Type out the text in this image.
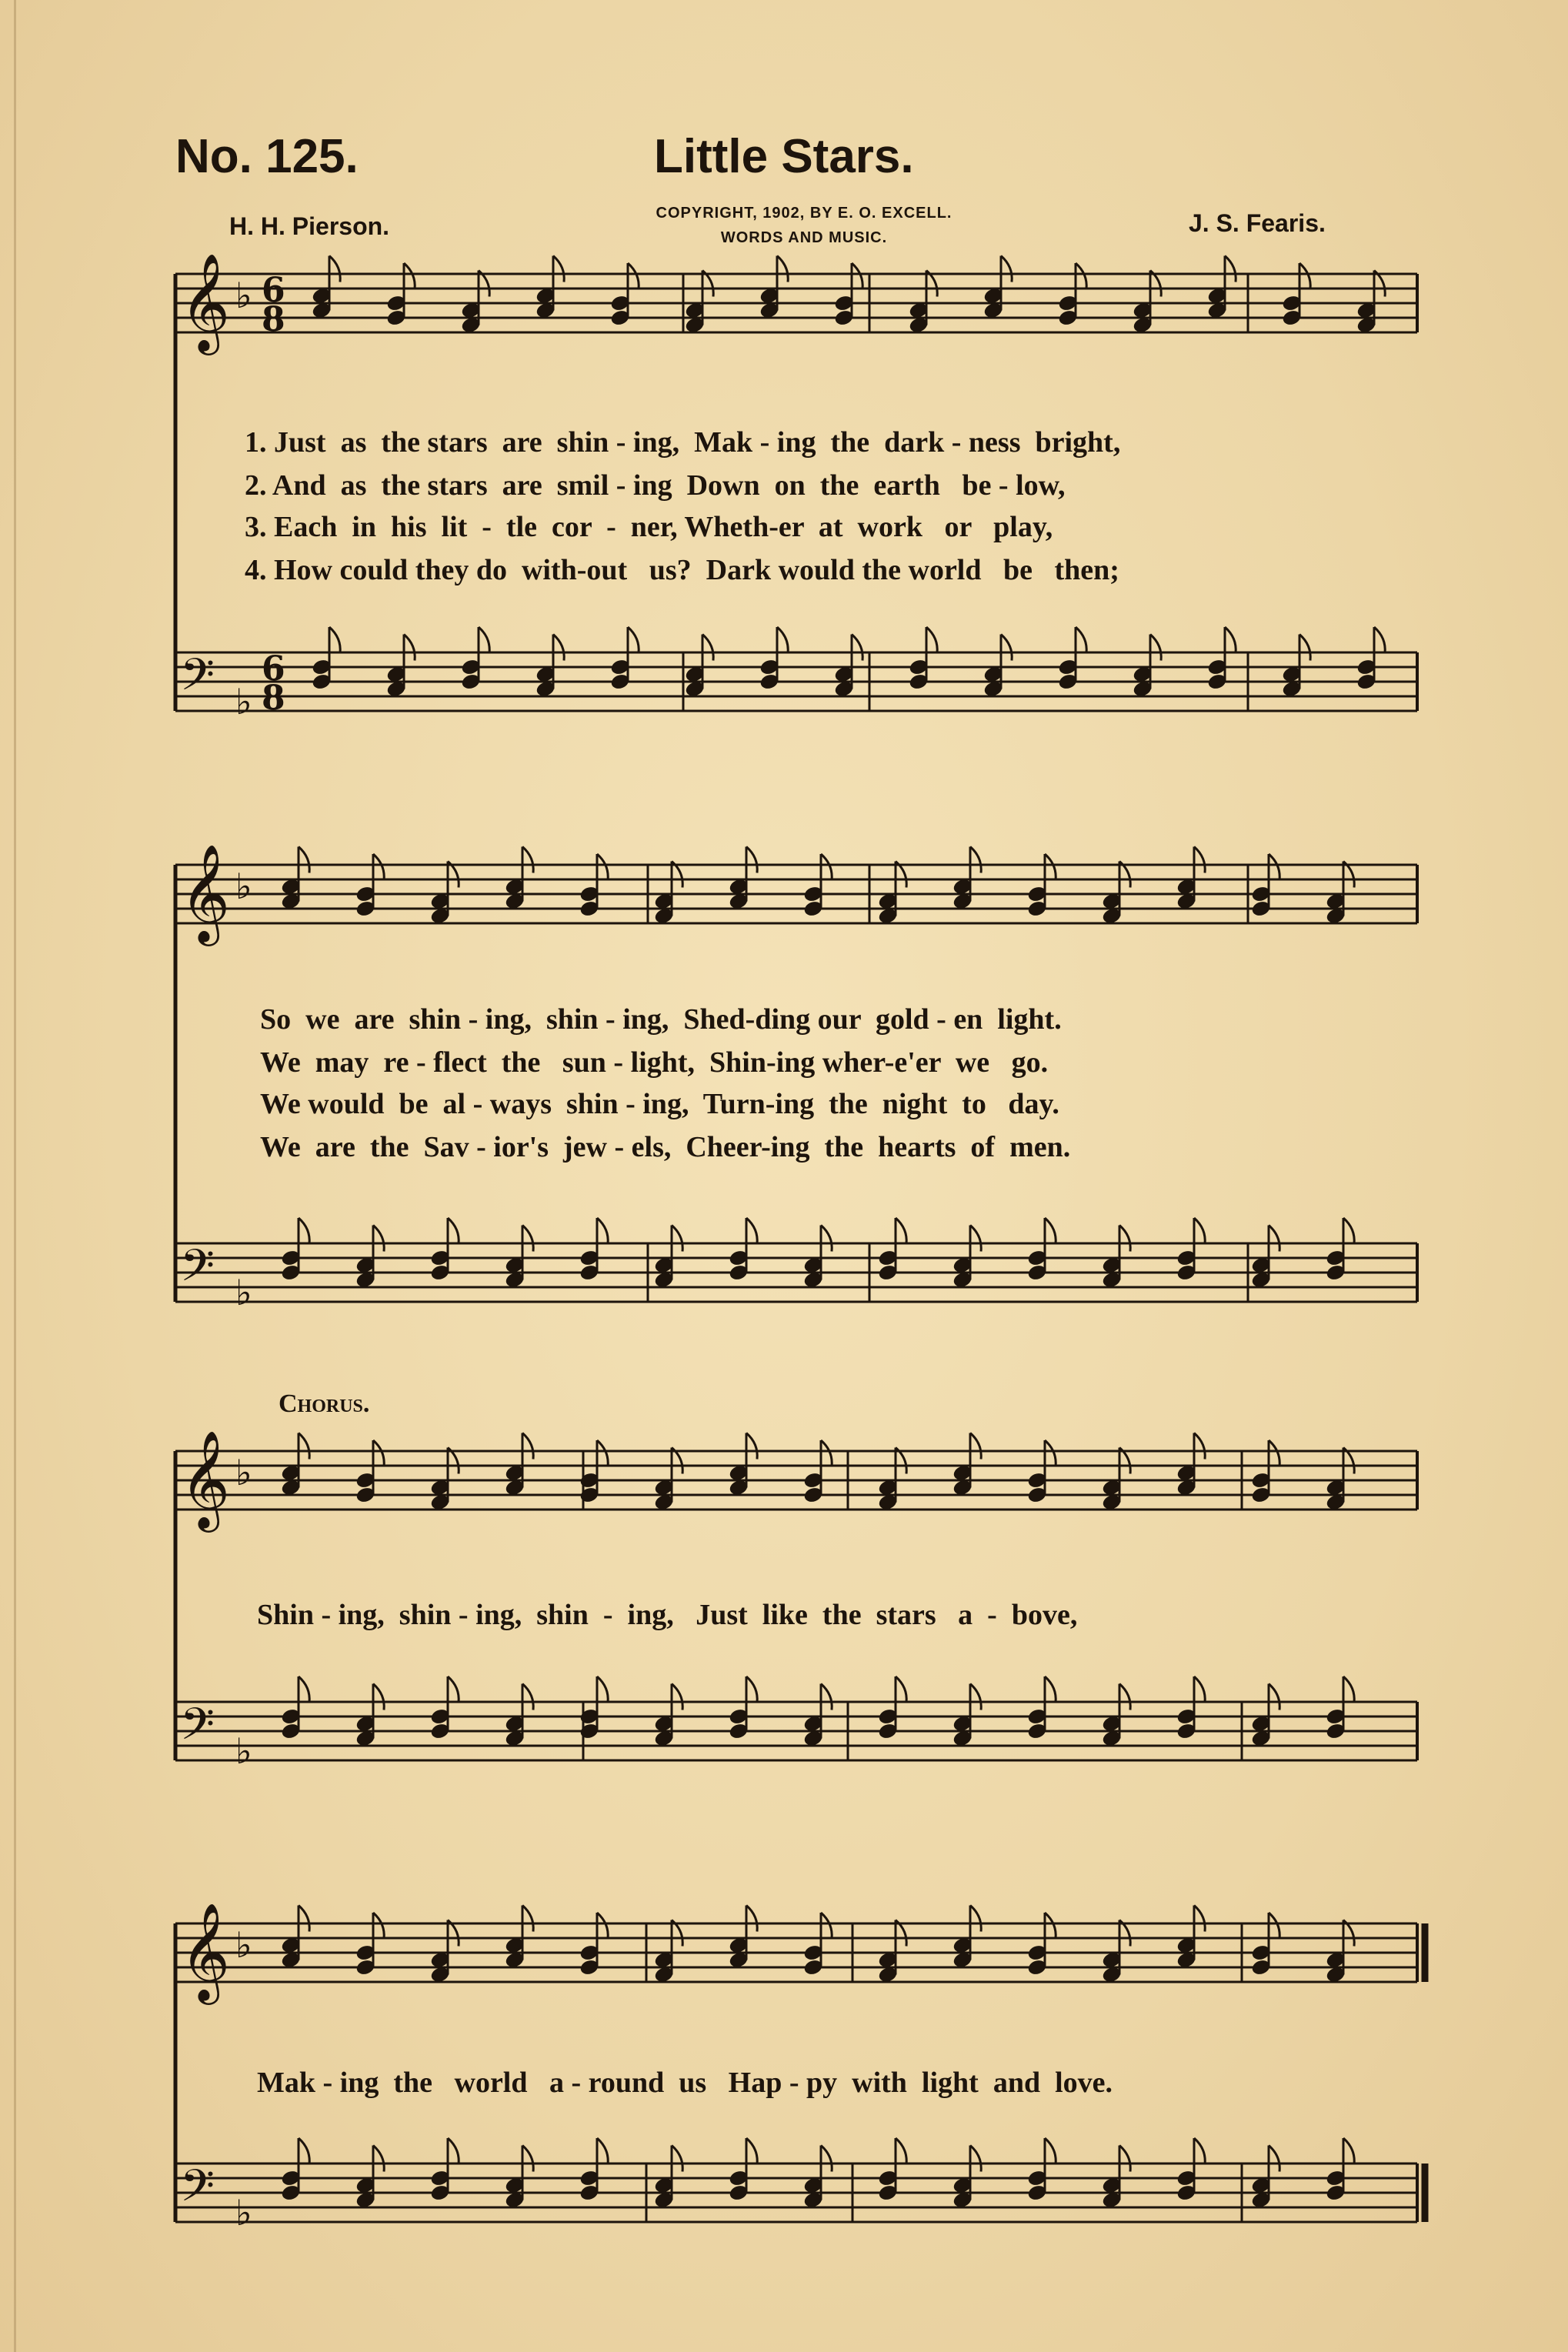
No. 125.	Little Stars.
H. H. Pierson.	COPYRIGHT, 1902, BY E. O. EXCELL.
WORDS AND MUSIC.
J. S. Fearis.
𝄞 ♭ 6
8
𝄢 ♭
6
8
𝄞 ♭
𝄢 ♭
𝄞 ♭
𝄢 ♭
𝄞 ♭
𝄢 ♭
1. Just  as  the stars  are  shin - ing,  Mak - ing  the  dark - ness  bright,
2. And  as  the stars  are  smil - ing  Down  on  the  earth   be - low,
3. Each  in  his  lit  -  tle  cor  -  ner, Wheth-er  at  work   or   play,
4. How could they do  with-out   us?  Dark would the world   be   then;
So  we  are  shin - ing,  shin - ing,  Shed-ding our  gold - en  light.
We  may  re - flect  the   sun - light,  Shin-ing wher-e'er  we   go.
We would  be  al - ways  shin - ing,  Turn-ing  the  night  to   day.
We  are  the  Sav - ior's  jew - els,  Cheer-ing  the  hearts  of  men.
Chorus.
Shin - ing,  shin - ing,  shin  -  ing,   Just  like  the  stars   a  -  bove,
Mak - ing  the   world   a - round  us   Hap - py  with  light  and  love.
